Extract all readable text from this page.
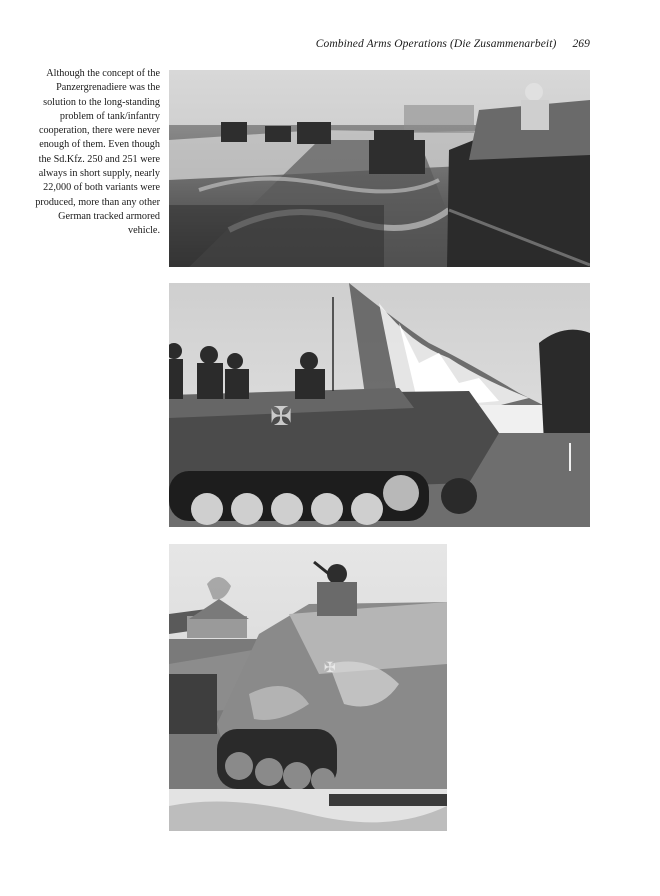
Combined Arms Operations (Die Zusammenarbeit) 269
Although the concept of the Panzergrenadiere was the solution to the long-standing problem of tank/infantry cooperation, there were never enough of them. Even though the Sd.Kfz. 250 and 251 were always in short supply, nearly 22,000 of both variants were produced, more than any other German tracked armored vehicle.
✠
✠
